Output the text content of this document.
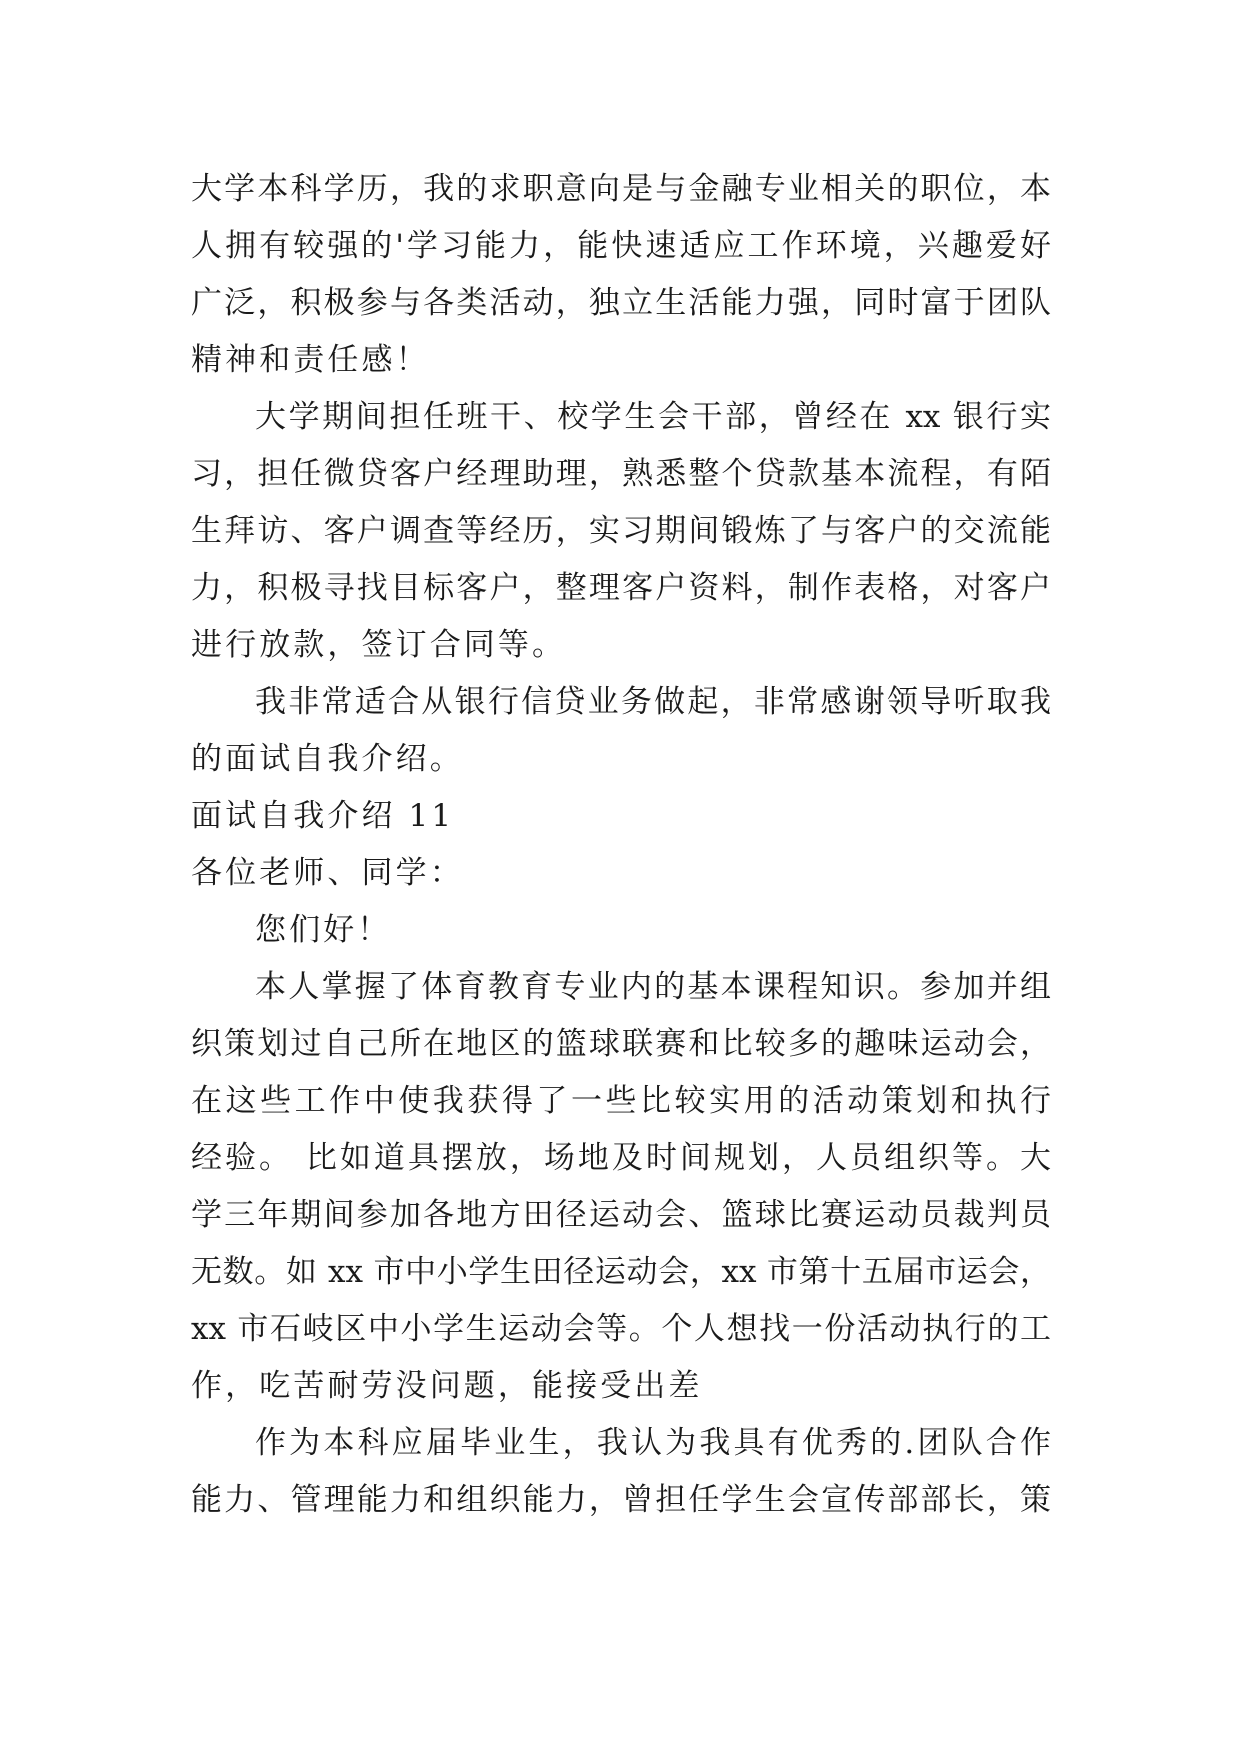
大学本科学历，我的求职意向是与金融专业相关的职位，本
人拥有较强的'学习能力，能快速适应工作环境，兴趣爱好
广泛，积极参与各类活动，独立生活能力强，同时富于团队
精神和责任感！
大学期间担任班干、校学生会干部，曾经在 xx 银行实
习，担任微贷客户经理助理，熟悉整个贷款基本流程，有陌
生拜访、客户调查等经历，实习期间锻炼了与客户的交流能
力，积极寻找目标客户，整理客户资料，制作表格，对客户
进行放款，签订合同等。
我非常适合从银行信贷业务做起，非常感谢领导听取我
的面试自我介绍。
面试自我介绍 11
各位老师、同学：
您们好！
本人掌握了体育教育专业内的基本课程知识。参加并组
织策划过自己所在地区的篮球联赛和比较多的趣味运动会，
在这些工作中使我获得了一些比较实用的活动策划和执行
经验。 比如道具摆放，场地及时间规划，人员组织等。大
学三年期间参加各地方田径运动会、篮球比赛运动员裁判员
无数。如 xx 市中小学生田径运动会，xx 市第十五届市运会，
xx 市石岐区中小学生运动会等。个人想找一份活动执行的工
作，吃苦耐劳没问题，能接受出差
作为本科应届毕业生，我认为我具有优秀的.团队合作
能力、管理能力和组织能力，曾担任学生会宣传部部长，策
